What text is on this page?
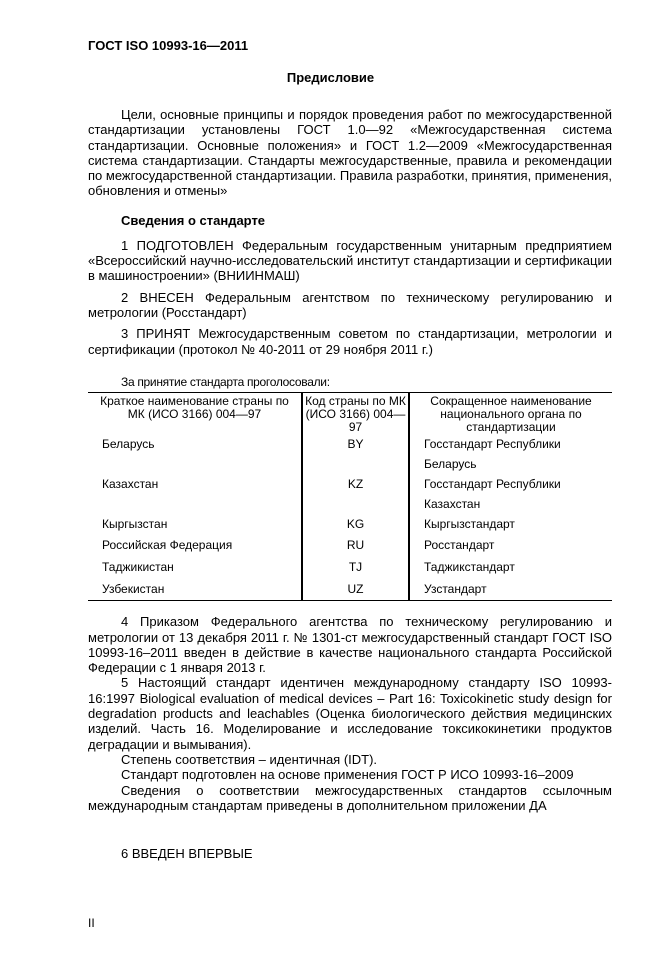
ГОСТ ISO 10993-16—2011
Предисловие

Цели, основные принципы и порядок проведения работ по межгосударственной стандартизации установлены ГОСТ 1.0—92 «Межгосударственная система стандартизации. Основные положения» и ГОСТ 1.2—2009 «Межгосударственная система стандартизации. Стандарты межгосударственные, правила и рекомендации по межгосударственной стандартизации. Правила разработки, принятия, применения, обновления и отмены»

Сведения о стандарте

1 ПОДГОТОВЛЕН Федеральным государственным унитарным предприятием «Всероссийский научно-исследовательский институт стандартизации и сертификации в машиностроении» (ВНИИНМАШ)

2 ВНЕСЕН Федеральным агентством по техническому регулированию и метрологии (Росстандарт)

3 ПРИНЯТ Межгосударственным советом по стандартизации, метрологии и сертификации (протокол № 40-2011 от 29 ноября 2011 г.)

За принятие стандарта проголосовали:
Краткое наименование страны по МК (ИСО 3166) 004—97	Код страны по МК (ИСО 3166) 004—97	Сокращенное наименование национального органа по стандартизации
Беларусь	BY	Госстандарт Республики Беларусь
Казахстан	KZ	Госстандарт Республики Казахстан
Кыргызстан	KG	Кыргызстандарт
Российская Федерация	RU	Росстандарт
Таджикистан	TJ	Таджикстандарт
Узбекистан	UZ	Узстандарт

4 Приказом Федерального агентства по техническому регулированию и метрологии от 13 декабря 2011 г. № 1301-ст межгосударственный стандарт ГОСТ ISO 10993-16–2011 введен в действие в качестве национального стандарта Российской Федерации с 1 января 2013 г.

5 Настоящий стандарт идентичен международному стандарту ISO 10993-16:1997 Biological evaluation of medical devices – Part 16: Toxicokinetic study design for degradation products and leachables (Оценка биологического действия медицинских изделий. Часть 16. Моделирование и исследование токсикокинетики продуктов деградации и вымывания).

Степень соответствия – идентичная (IDT).

Стандарт подготовлен на основе применения ГОСТ Р ИСО 10993-16–2009

Сведения о соответствии межгосударственных стандартов ссылочным международным стандартам приведены в дополнительном приложении ДА

6 ВВЕДЕН ВПЕРВЫЕ

II
